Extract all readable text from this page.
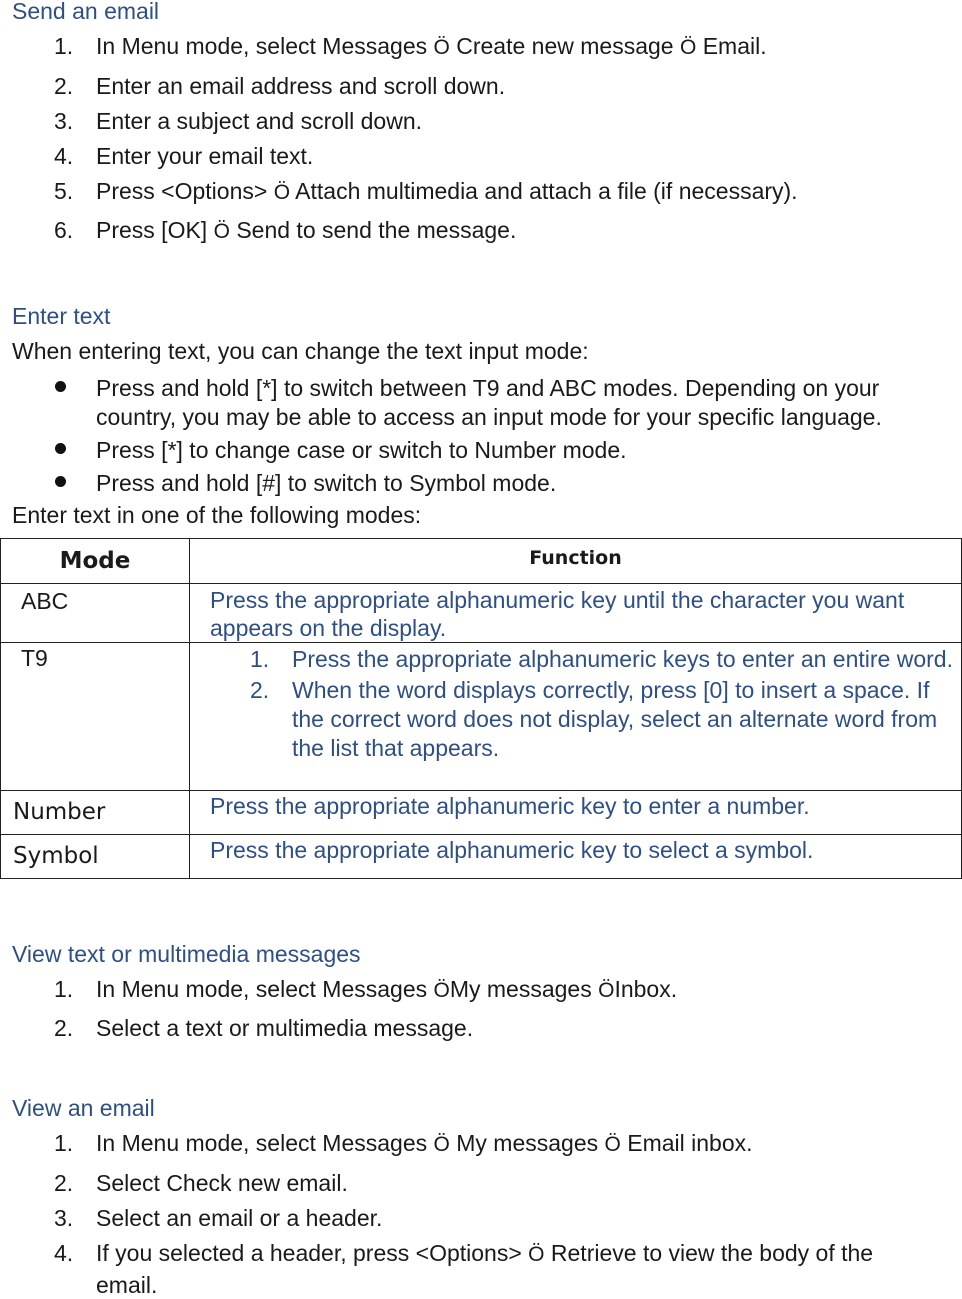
Send an email
1. In Menu mode, select Messages Ö Create new message Ö Email.
2. Enter an email address and scroll down.
3. Enter a subject and scroll down.
4. Enter your email text.
5. Press <Options> Ö Attach multimedia and attach a file (if necessary).
6. Press [OK] Ö Send to send the message.
Enter text
When entering text, you can change the text input mode:
Press and hold [*] to switch between T9 and ABC modes. Depending on your
country, you may be able to access an input mode for your specific language.
Press [*] to change case or switch to Number mode.
Press and hold [#] to switch to Symbol mode.
Enter text in one of the following modes:
Mode	Function
ABC	Press the appropriate alphanumeric key until the character you want appears on the display.
T9	1. Press the appropriate alphanumeric keys to enter an entire word.
2. When the word displays correctly, press [0] to insert a space. If the correct word does not display, select an alternate word from the list that appears.

Number	Press the appropriate alphanumeric key to enter a number.
Symbol	Press the appropriate alphanumeric key to select a symbol.
View text or multimedia messages
1. In Menu mode, select Messages ÖMy messages ÖInbox.
2. Select a text or multimedia message.
View an email
1. In Menu mode, select Messages Ö My messages Ö Email inbox.
2. Select Check new email.
3. Select an email or a header.
4. If you selected a header, press <Options> Ö Retrieve to view the body of the
email.
